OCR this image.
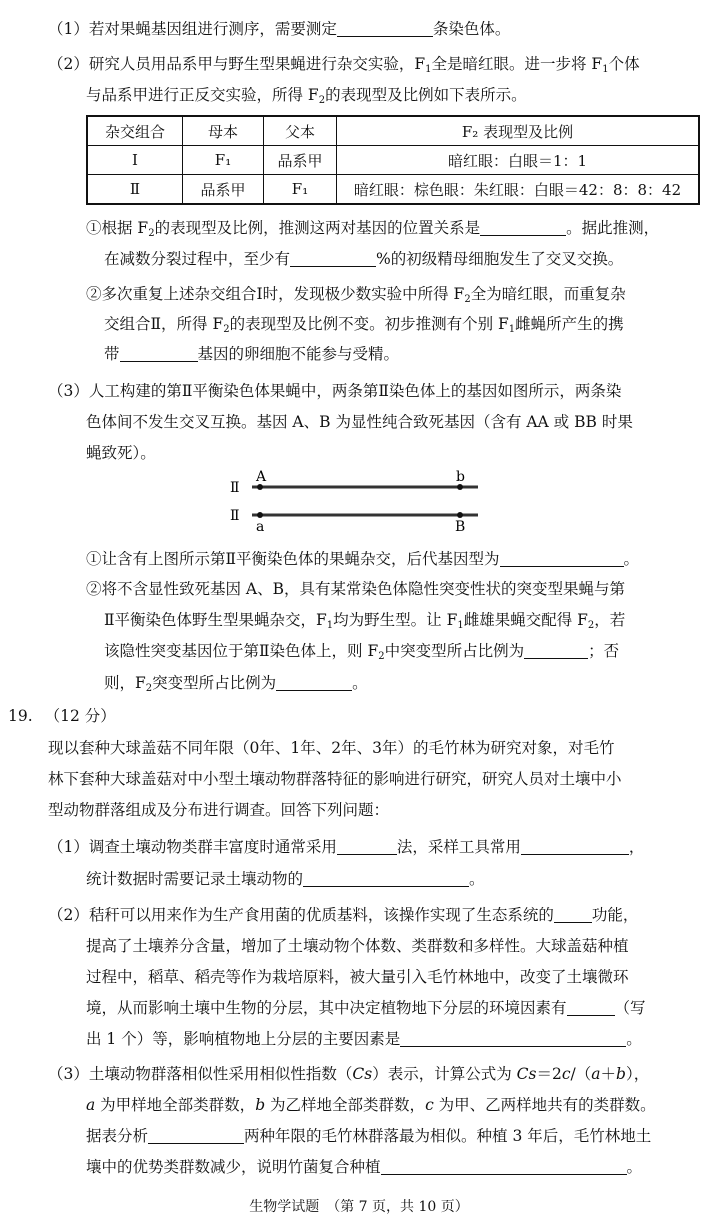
（1）若对果蝇基因组进行测序，需要测定	条染色体。
（2）研究人员用品系甲与野生型果蝇进行杂交实验，$F_1$全是暗红眼。进一步将 $F_1$个体
与品系甲进行正反交实验，所得 $F_2$的表现型及比例如下表所示。
杂交组合	母本	父本	F₂ 表现型及比例
Ⅰ	F₁	品系甲	暗红眼：白眼＝1：1
Ⅱ	品系甲	F₁	暗红眼：棕色眼：朱红眼：白眼＝42：8：8：42
①根据 $F_2$的表现型及比例，推测这两对基因的位置关系是	。据此推测，
在减数分裂过程中，至少有	%的初级精母细胞发生了交叉交换。
②多次重复上述杂交组合Ⅰ时，发现极少数实验中所得 $F_2$全为暗红眼，而重复杂
交组合Ⅱ，所得 $F_2$的表现型及比例不变。初步推测有个别 $F_1$雌蝇所产生的携
带	基因的卵细胞不能参与受精。
（3）人工构建的第Ⅱ平衡染色体果蝇中，两条第Ⅱ染色体上的基因如图所示，两条染
色体间不发生交叉互换。基因 A、B 为显性纯合致死基因（含有 AA 或 BB 时果
蝇致死）。
Ⅱ
A	b
Ⅱ
a	B
①让含有上图所示第Ⅱ平衡染色体的果蝇杂交，后代基因型为	。
②将不含显性致死基因 A、B，具有某常染色体隐性突变性状的突变型果蝇与第
Ⅱ平衡染色体野生型果蝇杂交，$F_1$均为野生型。让 $F_1$雌雄果蝇交配得 $F_2$，若
该隐性突变基因位于第Ⅱ染色体上，则 $F_2$中突变型所占比例为	；否
则，$F_2$突变型所占比例为	。
19. （12 分）
现以套种大球盖菇不同年限（0年、1年、2年、3年）的毛竹林为研究对象，对毛竹
林下套种大球盖菇对中小型土壤动物群落特征的影响进行研究，研究人员对土壤中小
型动物群落组成及分布进行调查。回答下列问题：
（1）调查土壤动物类群丰富度时通常采用	法，采样工具常用	，
统计数据时需要记录土壤动物的	。
（2）秸秆可以用来作为生产食用菌的优质基料，该操作实现了生态系统的 功能，
提高了土壤养分含量，增加了土壤动物个体数、类群数和多样性。大球盖菇种植
过程中，稻草、稻壳等作为栽培原料，被大量引入毛竹林地中，改变了土壤微环
境，从而影响土壤中生物的分层，其中决定植物地下分层的环境因素有	（写
出 1 个）等，影响植物地上分层的主要因素是	。
（3）土壤动物群落相似性采用相似性指数（Cs）表示，计算公式为 Cs＝2c/（a＋b），
a 为甲样地全部类群数，b 为乙样地全部类群数，c 为甲、乙两样地共有的类群数。
据表分析	两种年限的毛竹林群落最为相似。种植 3 年后，毛竹林地土
壤中的优势类群数减少，说明竹菌复合种植	。
生物学试题　（第 7 页，共 10 页）
